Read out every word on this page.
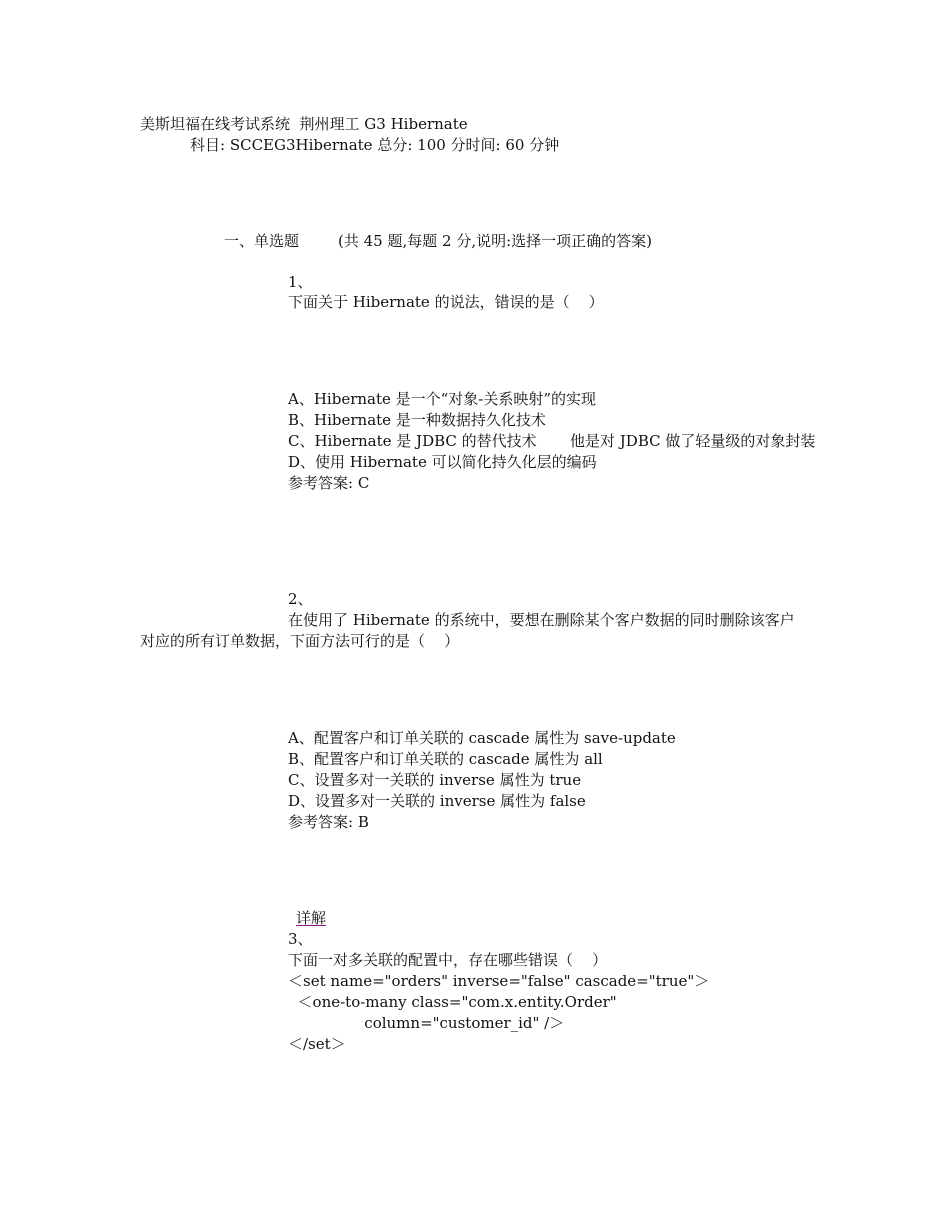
美斯坦福在线考试系统  荆州理工 G3 Hibernate
科目: SCCEG3Hibernate 总分: 100 分时间: 60 分钟
一、单选题	(共 45 题,每题 2 分,说明:选择一项正确的答案)
1、
下面关于 Hibernate 的说法，错误的是（    ）
A、Hibernate 是一个“对象-关系映射”的实现
B、Hibernate 是一种数据持久化技术
C、Hibernate 是 JDBC 的替代技术       他是对 JDBC 做了轻量级的对象封装
D、使用 Hibernate 可以简化持久化层的编码
参考答案: C
2、
在使用了 Hibernate 的系统中，要想在删除某个客户数据的同时删除该客户
对应的所有订单数据，下面方法可行的是（    ）
A、配置客户和订单关联的 cascade 属性为 save-update
B、配置客户和订单关联的 cascade 属性为 all
C、设置多对一关联的 inverse 属性为 true
D、设置多对一关联的 inverse 属性为 false
参考答案: B
详解
3、
下面一对多关联的配置中，存在哪些错误（    ）
＜set name="orders" inverse="false" cascade="true"＞
＜one-to-many class="com.x.entity.Order"
column="customer_id" /＞
＜/set＞
